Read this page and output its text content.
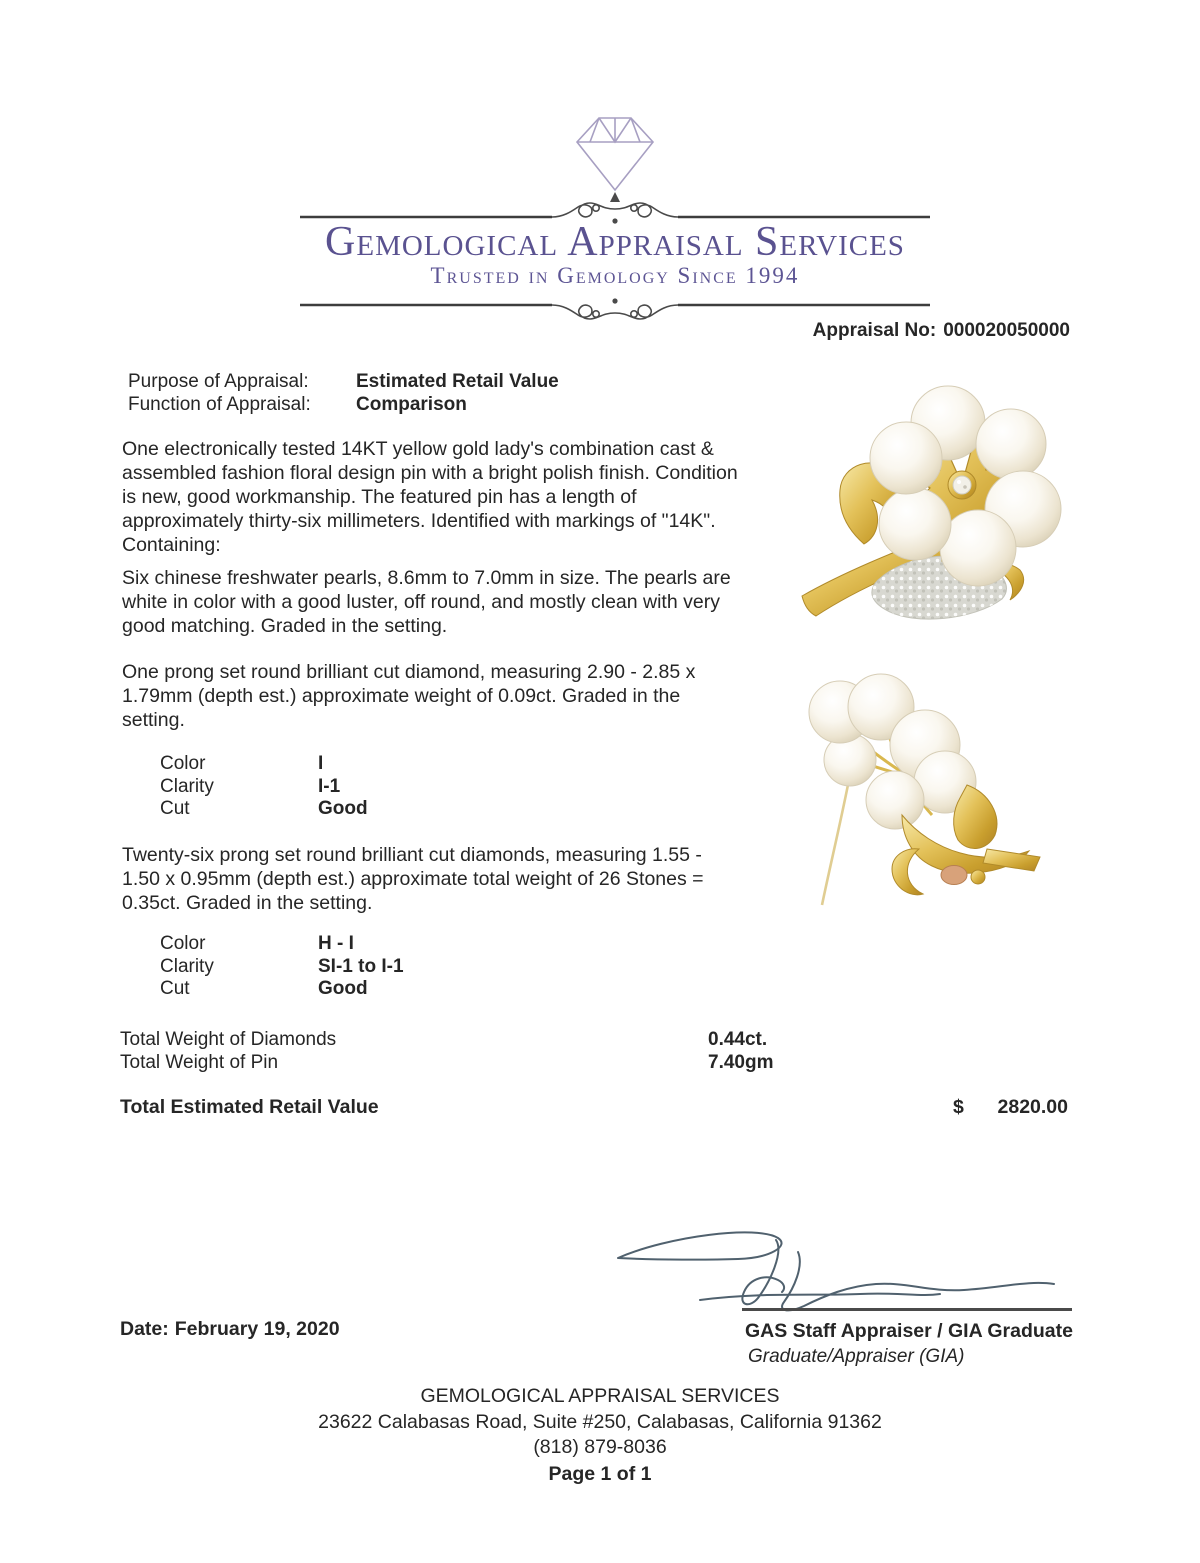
Gemological Appraisal Services
Trusted in Gemology Since 1994
Appraisal No: 000020050000
Purpose of Appraisal: Estimated Retail Value
Function of Appraisal: Comparison
One electronically tested 14KT yellow gold lady's combination cast & assembled fashion floral design pin with a bright polish finish. Condition is new, good workmanship. The featured pin has a length of approximately thirty-six millimeters. Identified with markings of "14K". Containing:
Six chinese freshwater pearls, 8.6mm to 7.0mm in size. The pearls are white in color with a good luster, off round, and mostly clean with very good matching. Graded in the setting.
One prong set round brilliant cut diamond, measuring 2.90 - 2.85 x 1.79mm (depth est.) approximate weight of 0.09ct. Graded in the setting.
Twenty-six prong set round brilliant cut diamonds, measuring 1.55 - 1.50 x 0.95mm (depth est.) approximate total weight of 26 Stones = 0.35ct. Graded in the setting.
Color	I
Clarity	I-1
Cut	Good
Color	H - I
Clarity	SI-1 to I-1
Cut	Good
Total Weight of Diamonds	0.44ct.
Total Weight of Pin	7.40gm
Total Estimated Retail Value	$	2820.00
Date: February 19, 2020	GAS Staff Appraiser / GIA Graduate
Graduate/Appraiser (GIA)
GEMOLOGICAL APPRAISAL SERVICES
23622 Calabasas Road, Suite #250, Calabasas, California 91362
(818) 879-8036
Page 1 of 1
